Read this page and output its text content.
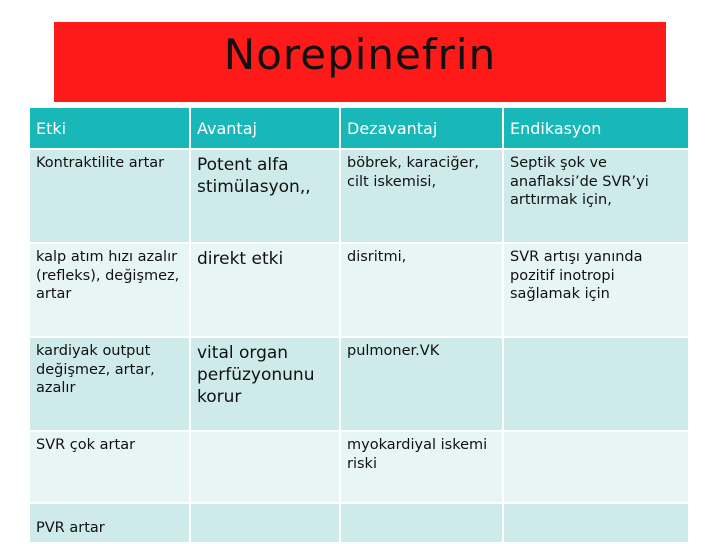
Norepinefrin
Etki	Avantaj	Dezavantaj	Endikasyon
Kontraktilite artar	Potent alfa stimülasyon,,	böbrek, karaciğer, cilt iskemisi,	Septik şok ve anaflaksi’de SVR’yi arttırmak için,
kalp atım hızı azalır (refleks), değişmez, artar	direkt etki	disritmi,	SVR artışı yanında pozitif inotropi sağlamak için
kardiyak output değişmez, artar, azalır	vital organ perfüzyonunu korur	pulmoner.VK	
SVR çok artar		myokardiyal iskemi riski	
PVR artar			
